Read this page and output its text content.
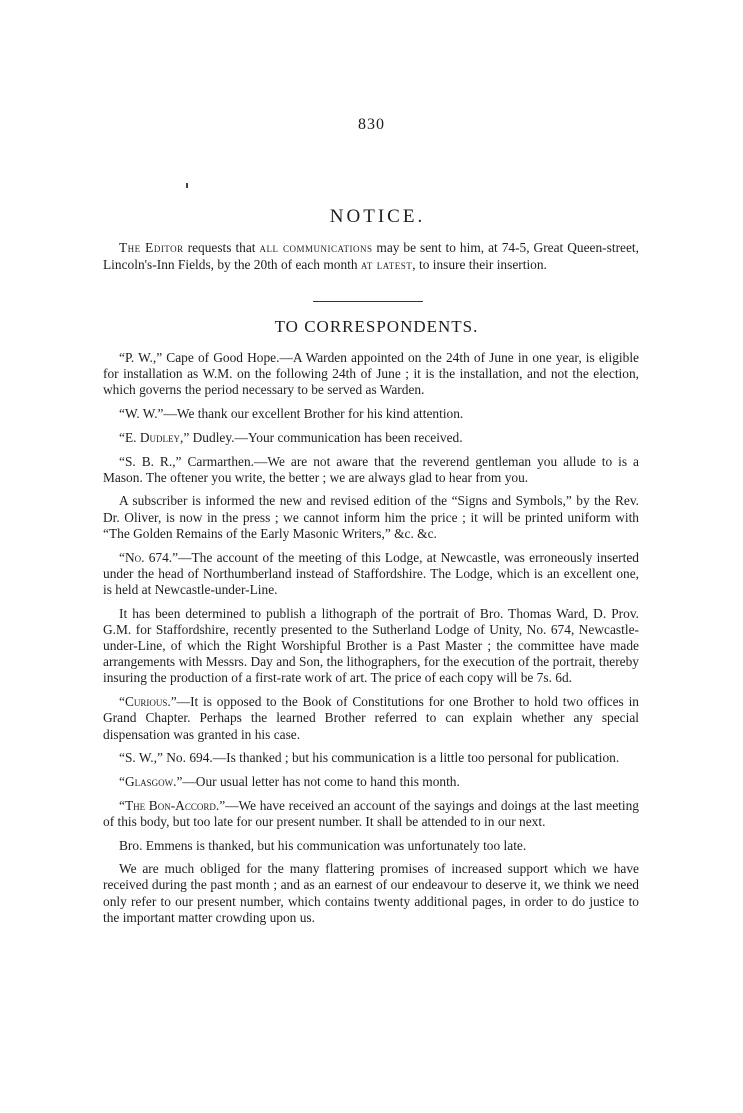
830
NOTICE.

The Editor requests that all communications may be sent to him, at 74-5, Great Queen-street, Lincoln's-Inn Fields, by the 20th of each month at latest, to insure their insertion.

TO CORRESPONDENTS.

“P. W.,” Cape of Good Hope.—A Warden appointed on the 24th of June in one year, is eligible for installation as W.M. on the following 24th of June ; it is the installation, and not the election, which governs the period necessary to be served as Warden.

“W. W.”—We thank our excellent Brother for his kind attention.

“E. Dudley,” Dudley.—Your communication has been received.

“S. B. R.,” Carmarthen.—We are not aware that the reverend gentleman you allude to is a Mason. The oftener you write, the better ; we are always glad to hear from you.

A subscriber is informed the new and revised edition of the “Signs and Symbols,” by the Rev. Dr. Oliver, is now in the press ; we cannot inform him the price ; it will be printed uniform with “The Golden Remains of the Early Masonic Writers,” &c. &c.

“No. 674.”—The account of the meeting of this Lodge, at Newcastle, was erroneously inserted under the head of Northumberland instead of Staffordshire. The Lodge, which is an excellent one, is held at Newcastle-under-Line.

It has been determined to publish a lithograph of the portrait of Bro. Thomas Ward, D. Prov. G.M. for Staffordshire, recently presented to the Sutherland Lodge of Unity, No. 674, Newcastle-under-Line, of which the Right Worshipful Brother is a Past Master ; the committee have made arrangements with Messrs. Day and Son, the lithographers, for the execution of the portrait, thereby insuring the production of a first-rate work of art. The price of each copy will be 7s. 6d.

“Curious.”—It is opposed to the Book of Constitutions for one Brother to hold two offices in Grand Chapter. Perhaps the learned Brother referred to can explain whether any special dispensation was granted in his case.

“S. W.,” No. 694.—Is thanked ; but his communication is a little too personal for publication.

“Glasgow.”—Our usual letter has not come to hand this month.

“The Bon-Accord.”—We have received an account of the sayings and doings at the last meeting of this body, but too late for our present number. It shall be attended to in our next.

Bro. Emmens is thanked, but his communication was unfortunately too late.

We are much obliged for the many flattering promises of increased support which we have received during the past month ; and as an earnest of our endeavour to deserve it, we think we need only refer to our present number, which contains twenty additional pages, in order to do justice to the important matter crowding upon us.
